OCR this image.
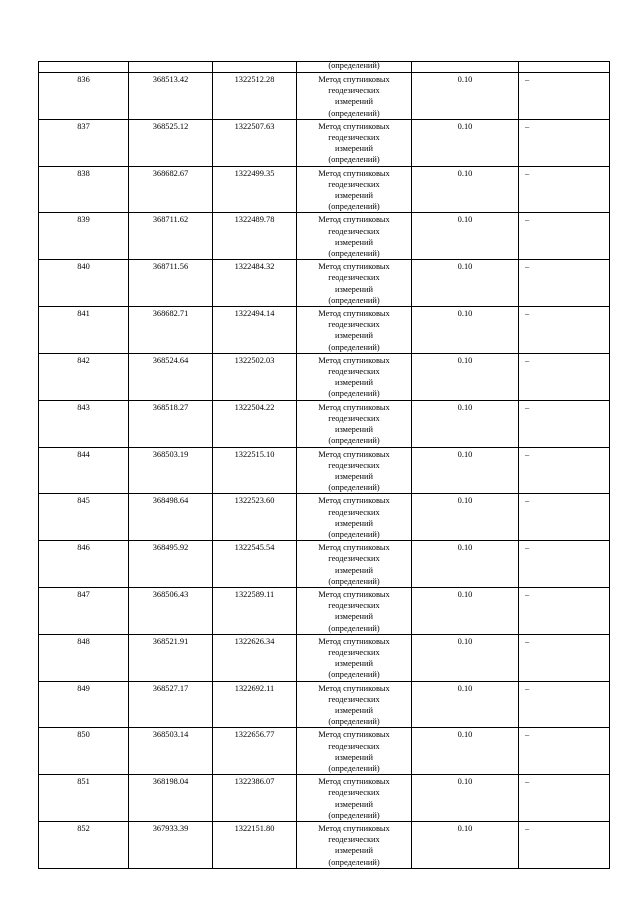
			(определений)		
836	368513.42	1322512.28	Метод спутниковых
геодезических
измерений
(определений)	0.10	–
837	368525.12	1322507.63	Метод спутниковых
геодезических
измерений
(определений)	0.10	–
838	368682.67	1322499.35	Метод спутниковых
геодезических
измерений
(определений)	0.10	–
839	368711.62	1322489.78	Метод спутниковых
геодезических
измерений
(определений)	0.10	–
840	368711.56	1322484.32	Метод спутниковых
геодезических
измерений
(определений)	0.10	–
841	368682.71	1322494.14	Метод спутниковых
геодезических
измерений
(определений)	0.10	–
842	368524.64	1322502.03	Метод спутниковых
геодезических
измерений
(определений)	0.10	–
843	368518.27	1322504.22	Метод спутниковых
геодезических
измерений
(определений)	0.10	–
844	368503.19	1322515.10	Метод спутниковых
геодезических
измерений
(определений)	0.10	–
845	368498.64	1322523.60	Метод спутниковых
геодезических
измерений
(определений)	0.10	–
846	368495.92	1322545.54	Метод спутниковых
геодезических
измерений
(определений)	0.10	–
847	368506.43	1322589.11	Метод спутниковых
геодезических
измерений
(определений)	0.10	–
848	368521.91	1322626.34	Метод спутниковых
геодезических
измерений
(определений)	0.10	–
849	368527.17	1322692.11	Метод спутниковых
геодезических
измерений
(определений)	0.10	–
850	368503.14	1322656.77	Метод спутниковых
геодезических
измерений
(определений)	0.10	–
851	368198.04	1322386.07	Метод спутниковых
геодезических
измерений
(определений)	0.10	–
852	367933.39	1322151.80	Метод спутниковых
геодезических
измерений
(определений)	0.10	–
